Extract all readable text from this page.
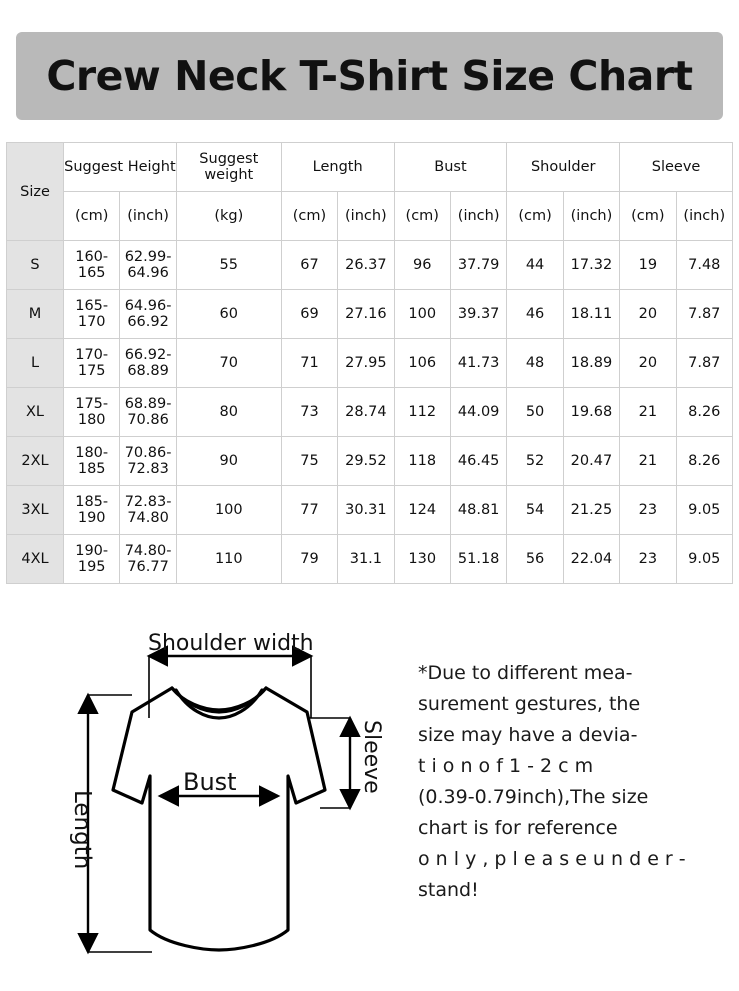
Crew Neck T-Shirt Size Chart
Size	Suggest Height		Suggest weight	Length		Bust		Shoulder		Sleeve	
	(cm)	(inch)	(kg)	(cm)	(inch)	(cm)	(inch)	(cm)	(inch)	(cm)	(inch)
S	160-165	62.99-64.96	55	67	26.37	96	37.79	44	17.32	19	7.48
M	165-170	64.96-66.92	60	69	27.16	100	39.37	46	18.11	20	7.87
L	170-175	66.92-68.89	70	71	27.95	106	41.73	48	18.89	20	7.87
XL	175-180	68.89-70.86	80	73	28.74	112	44.09	50	19.68	21	8.26
2XL	180-185	70.86-72.83	90	75	29.52	118	46.45	52	20.47	21	8.26
3XL	185-190	72.83-74.80	100	77	30.31	124	48.81	54	21.25	23	9.05
4XL	190-195	74.80-76.77	110	79	31.1	130	51.18	56	22.04	23	9.05
Shoulder width
Length
Bust	Sleeve

*Due to different mea-
surement gestures, the
size may have a devia-
t i o n o f 1 - 2 c m
(0.39-0.79inch),The size
chart is for reference
o n l y , p l e a s e u n d e r -
stand!
